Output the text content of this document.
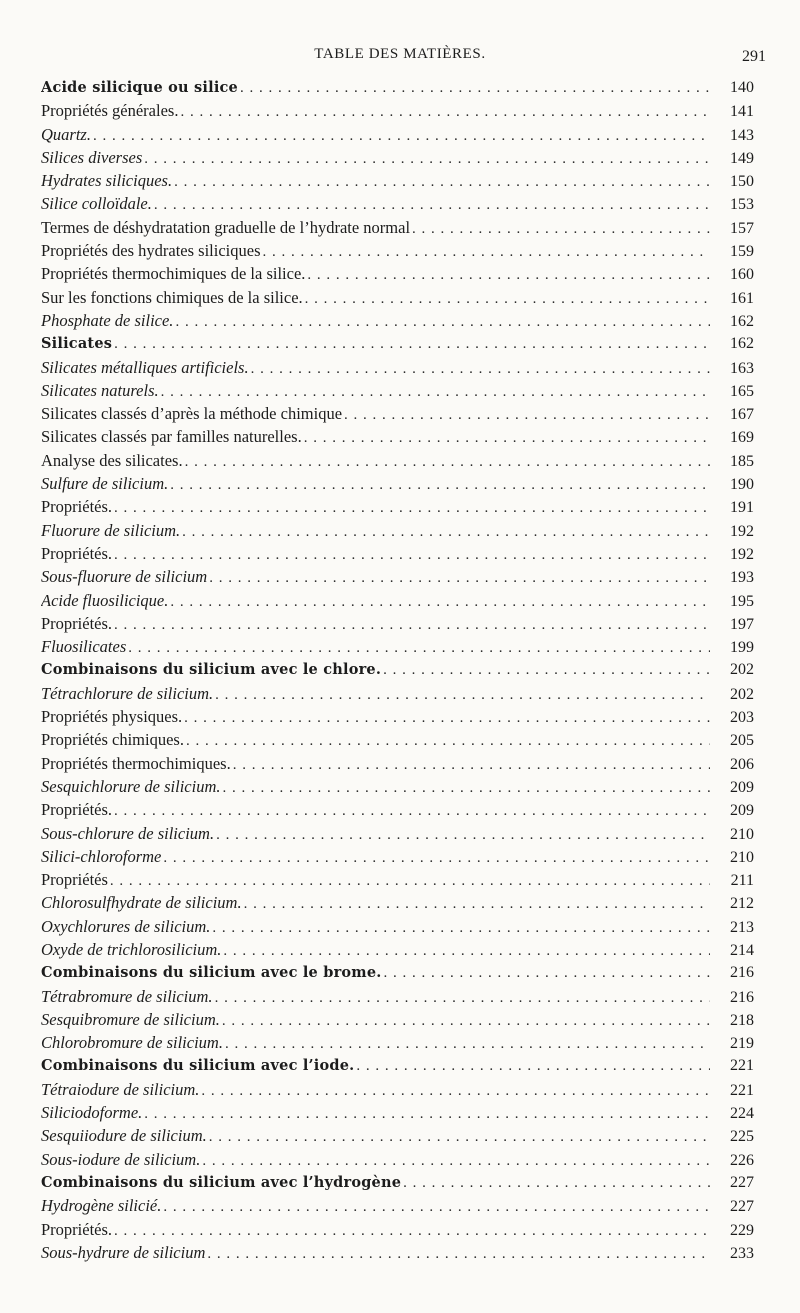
TABLE DES MATIÈRES.	291
Acide silicique ou silice . . .	140
Propriétés générales. . . .	141
Quartz. . . .	143
Silices diverses . . .	149
Hydrates siliciques. . . .	150
Silice colloïdale. . . .	153
Termes de déshydratation graduelle de l’hydrate normal . . .	157
Propriétés des hydrates siliciques . . .	159
Propriétés thermochimiques de la silice. . . .	160
Sur les fonctions chimiques de la silice. . . .	161
Phosphate de silice. . . .	162
Silicates . . .	162
Silicates métalliques artificiels. . . .	163
Silicates naturels. . . .	165
Silicates classés d’après la méthode chimique . . .	167
Silicates classés par familles naturelles. . . .	169
Analyse des silicates. . . .	185
Sulfure de silicium. . . .	190
Propriétés. . . .	191
Fluorure de silicium. . . .	192
Propriétés. . . .	192
Sous-fluorure de silicium . . .	193
Acide fluosilicique. . . .	195
Propriétés. . . .	197
Fluosilicates . . .	199
Combinaisons du silicium avec le chlore. . . .	202
Tétrachlorure de silicium. . . .	202
Propriétés physiques. . . .	203
Propriétés chimiques. . . .	205
Propriétés thermochimiques. . . .	206
Sesquichlorure de silicium. . . .	209
Propriétés. . . .	209
Sous-chlorure de silicium. . . .	210
Silici-chloroforme . . .	210
Propriétés . . .	211
Chlorosulfhydrate de silicium. . . .	212
Oxychlorures de silicium. . . .	213
Oxyde de trichlorosilicium. . . .	214
Combinaisons du silicium avec le brome. . . .	216
Tétrabromure de silicium. . . .	216
Sesquibromure de silicium. . . .	218
Chlorobromure de silicium. . . .	219
Combinaisons du silicium avec l’iode. . . .	221
Tétraiodure de silicium. . . .	221
Siliciodoforme. . . .	224
Sesquiiodure de silicium. . . .	225
Sous-iodure de silicium. . . .	226
Combinaisons du silicium avec l’hydrogène . . .	227
Hydrogène silicié. . . .	227
Propriétés. . . .	229
Sous-hydrure de silicium . . .	233
